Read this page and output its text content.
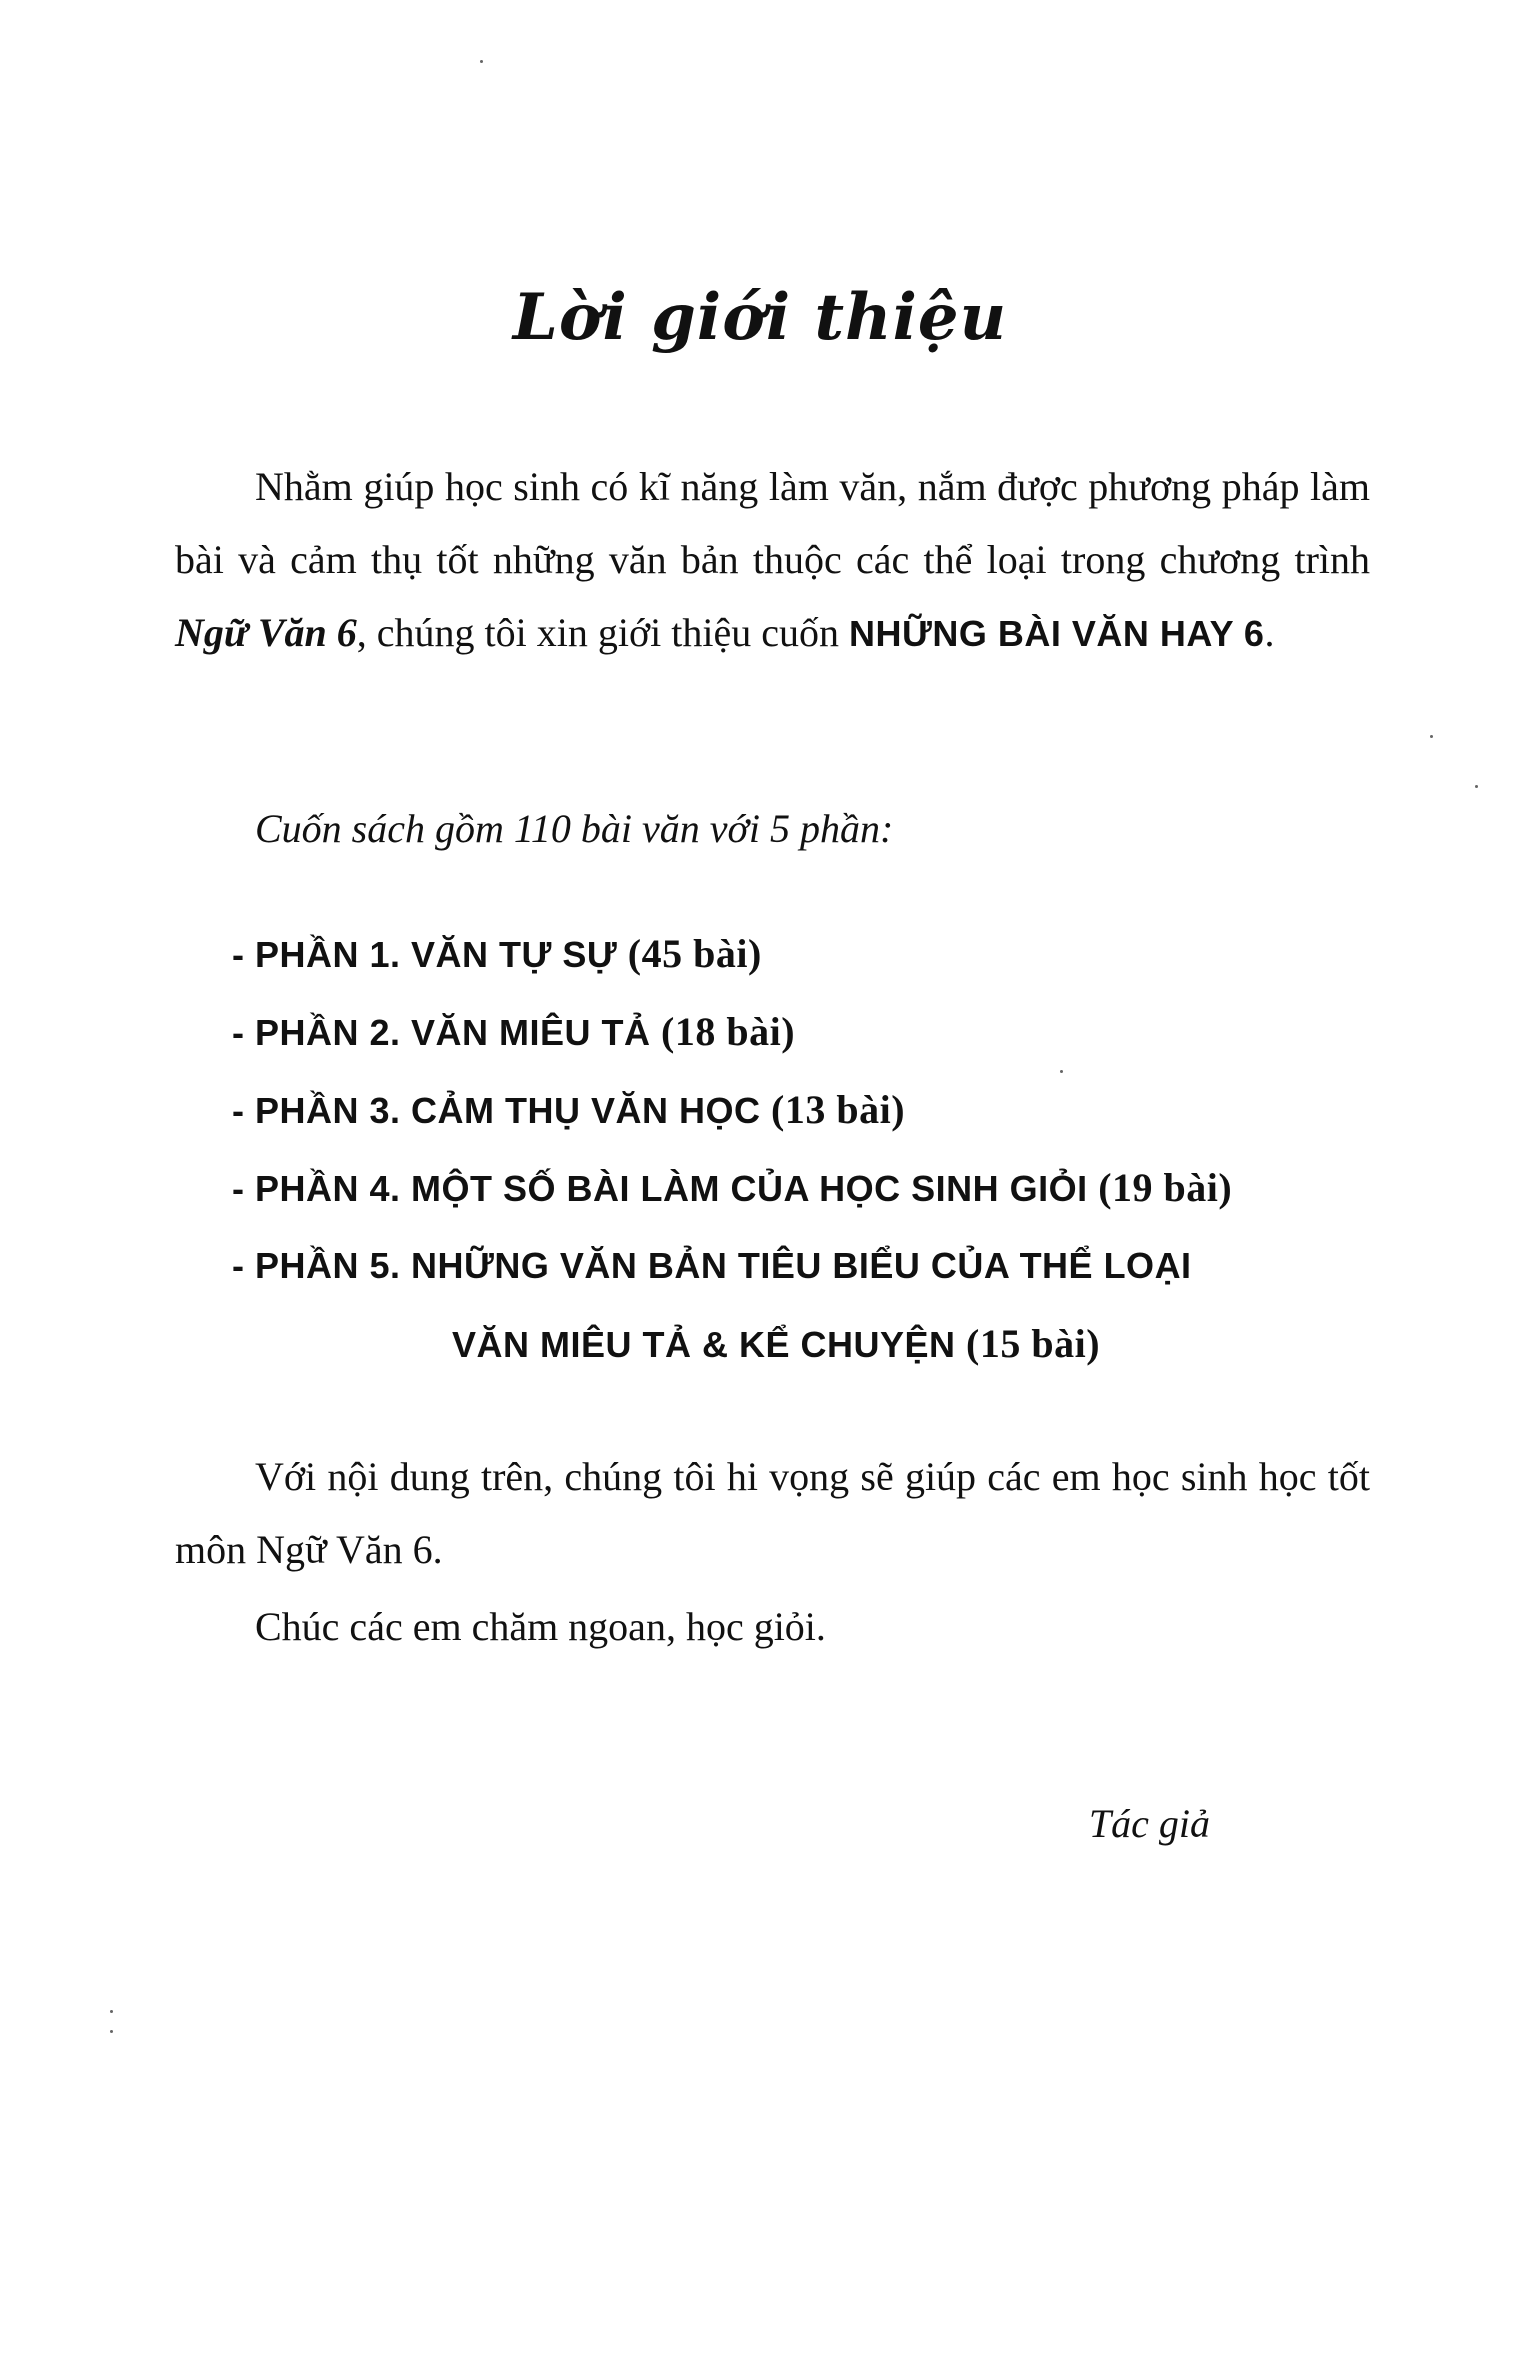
Lời giới thiệu
Nhằm giúp học sinh có kĩ năng làm văn, nắm được phương pháp làm bài và cảm thụ tốt những văn bản thuộc các thể loại trong chương trình Ngữ Văn 6, chúng tôi xin giới thiệu cuốn NHỮNG BÀI VĂN HAY 6.
Cuốn sách gồm 110 bài văn với 5 phần:
- PHẦN 1. VĂN TỰ SỰ (45 bài)
- PHẦN 2. VĂN MIÊU TẢ (18 bài)
- PHẦN 3. CẢM THỤ VĂN HỌC (13 bài)
- PHẦN 4. MỘT SỐ BÀI LÀM CỦA HỌC SINH GIỎI (19 bài)
- PHẦN 5. NHỮNG VĂN BẢN TIÊU BIỂU CỦA THỂ LOẠI
VĂN MIÊU TẢ & KỂ CHUYỆN (15 bài)
Với nội dung trên, chúng tôi hi vọng sẽ giúp các em học sinh học tốt môn Ngữ Văn 6.
Chúc các em chăm ngoan, học giỏi.
Tác giả
